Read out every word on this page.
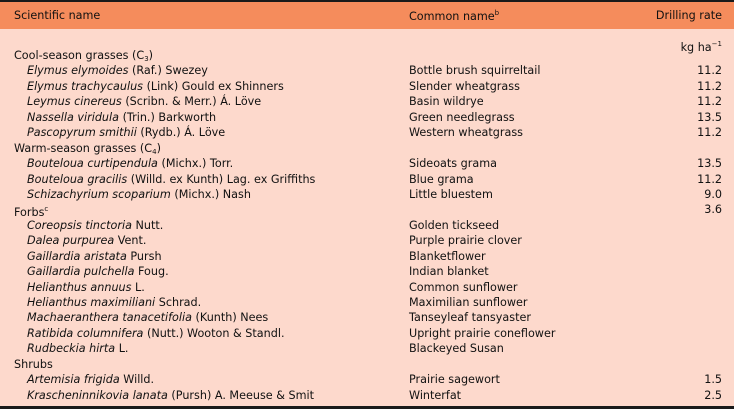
Scientific name	Common name$^b$	Drilling rate
kg $ha^{-1}$
Cool-season grasses $(C_3)$
Elymus elymoides (Raf.) Swezey	Bottle brush squirreltail	11.2
Elymus trachycaulus (Link) Gould ex Shinners	Slender wheatgrass	11.2
Leymus cinereus (Scribn. & Merr.) Á. Löve	Basin wildrye	11.2
Nassella viridula (Trin.) Barkworth	Green needlegrass	13.5
Pascopyrum smithii (Rydb.) Á. Löve	Western wheatgrass	11.2
Warm-season grasses $(C_4)$
Bouteloua curtipendula (Michx.) Torr.	Sideoats grama	13.5
Bouteloua gracilis (Willd. ex Kunth) Lag. ex Griffiths	Blue grama	11.2
Schizachyrium scoparium (Michx.) Nash	Little bluestem	9.0
Forbs$^c$	3.6
Coreopsis tinctoria Nutt.	Golden tickseed
Dalea purpurea Vent.	Purple prairie clover
Gaillardia aristata Pursh	Blanketflower
Gaillardia pulchella Foug.	Indian blanket
Helianthus annuus L.	Common sunflower
Helianthus maximiliani Schrad.	Maximilian sunflower
Machaeranthera tanacetifolia (Kunth) Nees	Tanseyleaf tansyaster
Ratibida columnifera (Nutt.) Wooton & Standl.	Upright prairie coneflower
Rudbeckia hirta L.	Blackeyed Susan
Shrubs
Artemisia frigida Willd.	Prairie sagewort	1.5
Krascheninnikovia lanata (Pursh) A. Meeuse & Smit	Winterfat	2.5
